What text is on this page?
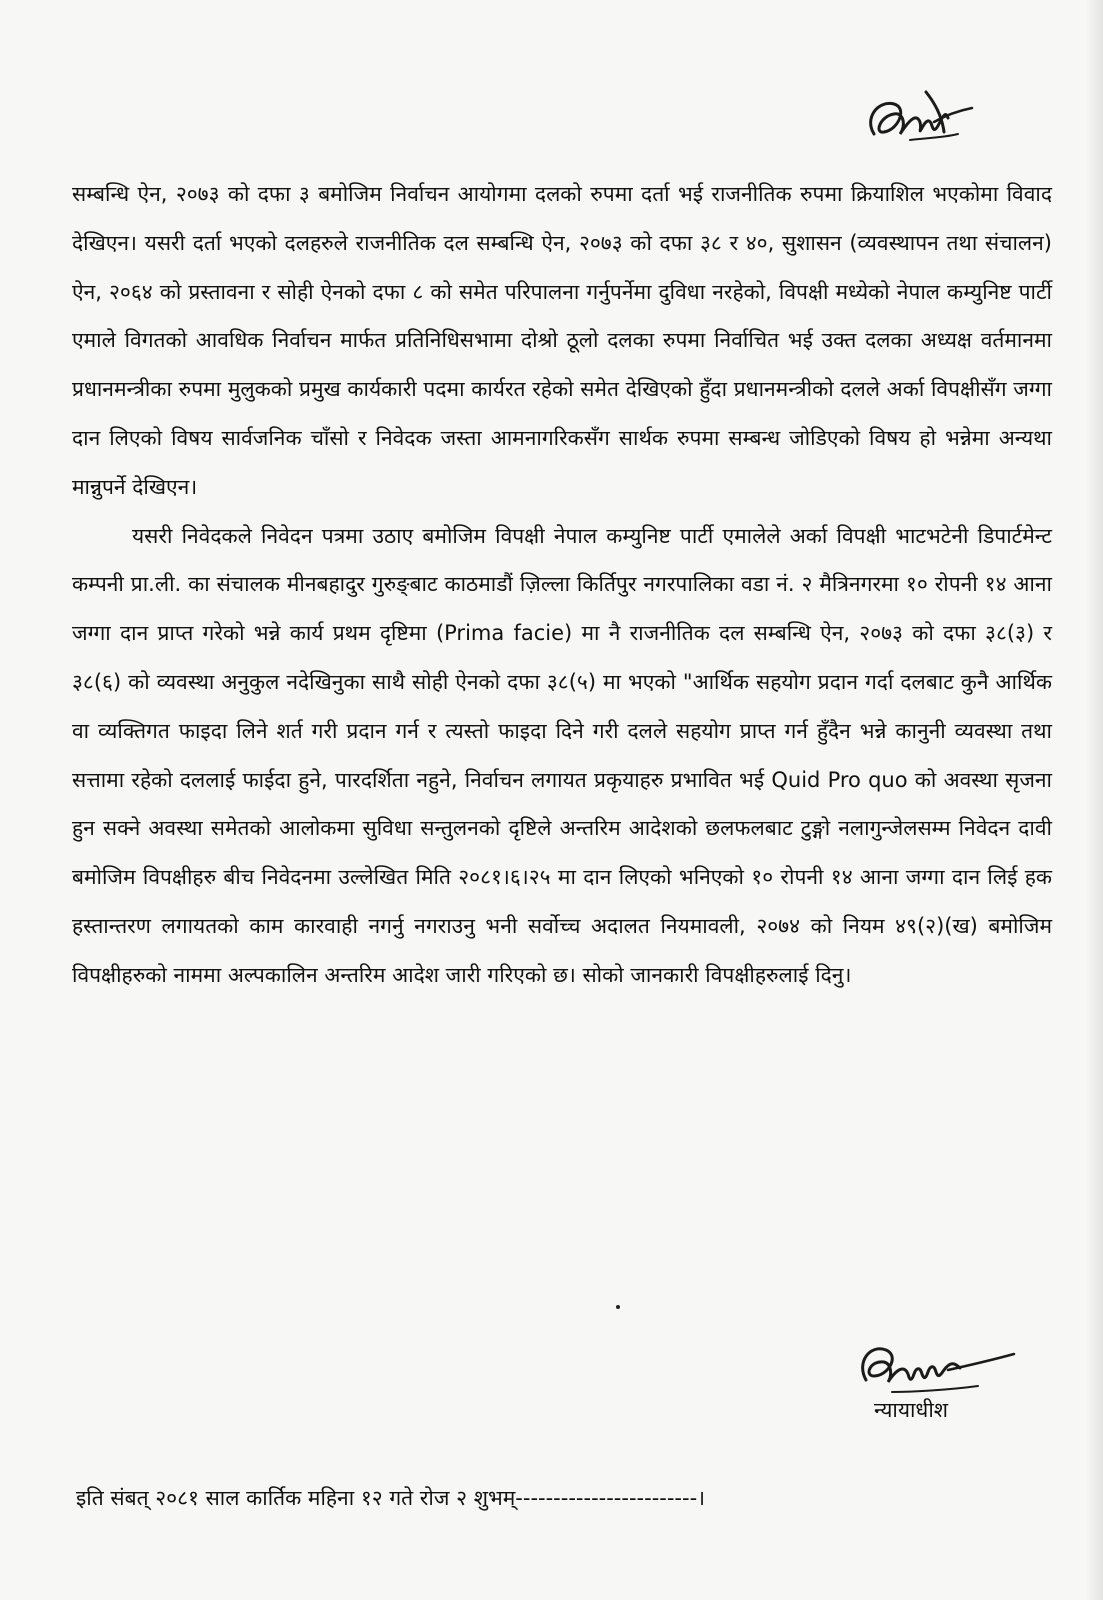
सम्बन्धि ऐन, २०७३ को दफा ३ बमोजिम निर्वाचन आयोगमा दलको रुपमा दर्ता भई राजनीतिक रुपमा क्रियाशिल भएकोमा विवाद देखिएन। यसरी दर्ता भएको दलहरुले राजनीतिक दल सम्बन्धि ऐन, २०७३ को दफा ३८ र ४०, सुशासन (व्यवस्थापन तथा संचालन) ऐन, २०६४ को प्रस्तावना र सोही ऐनको दफा ८ को समेत परिपालना गर्नुपर्नेमा दुविधा नरहेको, विपक्षी मध्येको नेपाल कम्युनिष्ट पार्टी एमाले विगतको आवधिक निर्वाचन मार्फत प्रतिनिधिसभामा दोश्रो ठूलो दलका रुपमा निर्वाचित भई उक्त दलका अध्यक्ष वर्तमानमा प्रधानमन्त्रीका रुपमा मुलुकको प्रमुख कार्यकारी पदमा कार्यरत रहेको समेत देखिएको हुँदा प्रधानमन्त्रीको दलले अर्का विपक्षीसँग जग्गा दान लिएको विषय सार्वजनिक चाँसो र निवेदक जस्ता आमनागरिकसँग सार्थक रुपमा सम्बन्ध जोडिएको विषय हो भन्नेमा अन्यथा मान्नुपर्ने देखिएन।

यसरी निवेदकले निवेदन पत्रमा उठाए बमोजिम विपक्षी नेपाल कम्युनिष्ट पार्टी एमालेले अर्का विपक्षी भाटभटेनी डिपार्टमेन्ट कम्पनी प्रा.ली. का संचालक मीनबहादुर गुरुङ्बाट काठमाडौं ज़िल्ला किर्तिपुर नगरपालिका वडा नं. २ मैत्रिनगरमा १० रोपनी १४ आना जग्गा दान प्राप्त गरेको भन्ने कार्य प्रथम दृष्टिमा (Prima facie) मा नै राजनीतिक दल सम्बन्धि ऐन, २०७३ को दफा ३८(३) र ३८(६) को व्यवस्था अनुकुल नदेखिनुका साथै सोही ऐनको दफा ३८(५) मा भएको "आर्थिक सहयोग प्रदान गर्दा दलबाट कुनै आर्थिक वा व्यक्तिगत फाइदा लिने शर्त गरी प्रदान गर्न र त्यस्तो फाइदा दिने गरी दलले सहयोग प्राप्त गर्न हुँदैन भन्ने कानुनी व्यवस्था तथा सत्तामा रहेको दललाई फाईदा हुने, पारदर्शिता नहुने, निर्वाचन लगायत प्रकृयाहरु प्रभावित भई Quid Pro quo को अवस्था सृजना हुन सक्ने अवस्था समेतको आलोकमा सुविधा सन्तुलनको दृष्टिले अन्तरिम आदेशको छलफलबाट टुङ्गो नलागुन्जेलसम्म निवेदन दावी बमोजिम विपक्षीहरु बीच निवेदनमा उल्लेखित मिति २०८१।६।२५ मा दान लिएको भनिएको १० रोपनी १४ आना जग्गा दान लिई हक हस्तान्तरण लगायतको काम कारवाही नगर्नु नगराउनु भनी सर्वोच्च अदालत नियमावली, २०७४ को नियम ४९(२)(ख) बमोजिम विपक्षीहरुको नाममा अल्पकालिन अन्तरिम आदेश जारी गरिएको छ। सोको जानकारी विपक्षीहरुलाई दिनु।

न्यायाधीश
इति संबत् २०८१ साल कार्तिक महिना १२ गते रोज २ शुभम्------------------------।
